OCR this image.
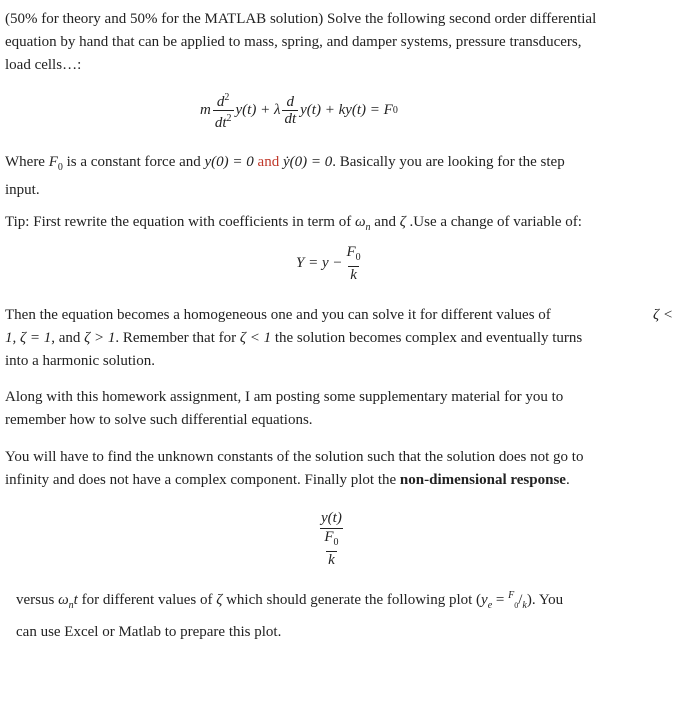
(50% for theory and 50% for the MATLAB solution) Solve the following second order differential
equation by hand that can be applied to mass, spring, and damper systems, pressure transducers,
load cells…:
m $\frac{d^2}{dt^2} y(t) + \lambda \frac{d}{dt} y(t) + ky(t) = F$ 0
Where $F_0$ is a constant force and y(0) = 0 and ẏ(0) = 0. Basically you are looking for the step
input.
Tip: First rewrite the equation with coefficients in term of $\omega_n$ and ζ .Use a change of variable of:
$Y = y - \frac{F_0}{k}$
Then the equation becomes a homogeneous one and you can solve it for different values of	ζ <
1, ζ = 1, and ζ > 1. Remember that for ζ < 1 the solution becomes complex and eventually turns
into a harmonic solution.
Along with this homework assignment, I am posting some supplementary material for you to
remember how to solve such differential equations.
You will have to find the unknown constants of the solution such that the solution does not go to
infinity and does not have a complex component. Finally plot the non-dimensional response.
$\frac{y(t)}{\frac{F_0}{k}}$
versus $\omega_nt$ for different values of ζ which should generate the following plot $(y_e = ^F_0/_k)$. You
can use Excel or Matlab to prepare this plot.
